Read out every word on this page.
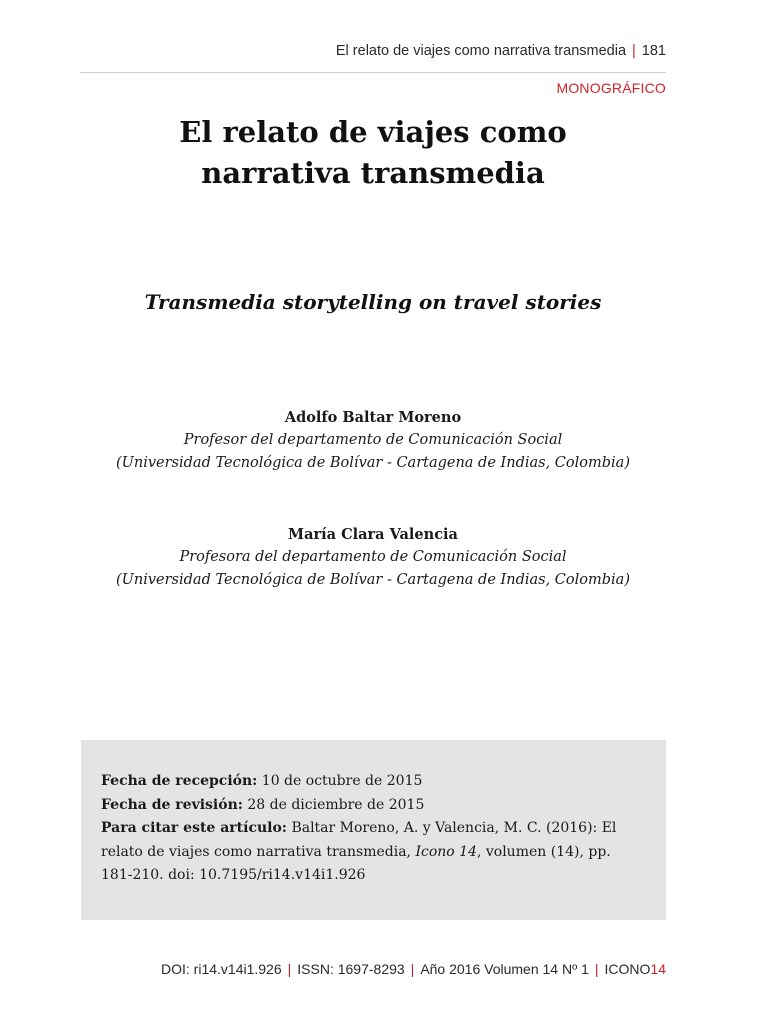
El relato de viajes como narrativa transmedia | 181
MONOGRÁFICO
El relato de viajes como
narrativa transmedia
Transmedia storytelling on travel stories
Adolfo Baltar Moreno
Profesor del departamento de Comunicación Social
(Universidad Tecnológica de Bolívar - Cartagena de Indias, Colombia)
María Clara Valencia
Profesora del departamento de Comunicación Social
(Universidad Tecnológica de Bolívar - Cartagena de Indias, Colombia)
Fecha de recepción: 10 de octubre de 2015
Fecha de revisión: 28 de diciembre de 2015
Para citar este artículo: Baltar Moreno, A. y Valencia, M. C. (2016): El relato de viajes como narrativa transmedia, Icono 14, volumen (14), pp. 181-210. doi: 10.7195/ri14.v14i1.926
DOI: ri14.v14i1.926 | ISSN: 1697-8293 | Año 2016 Volumen 14 Nº 1 | ICONO14
